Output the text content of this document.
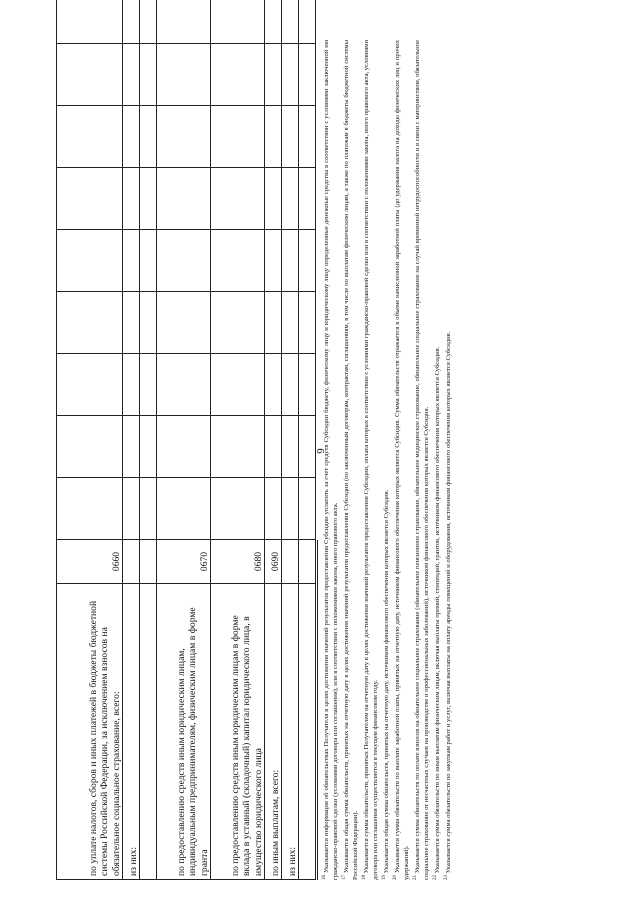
6
по уплате налогов, сборов и иных платежей в бюджеты бюджетной системы Российской Федерации, за исключением взносов на обязательное социальное страхование, всего:	0660									
из них:										

по предоставлению средств иным юридическим лицам, индивидуальным предпринимателям, физическим лицам в форме гранта	0670									
по предоставлению средств иным юридическим лицам в форме вклада в уставный (складочный) капитал юридического лица, в имущество юридического лица	0680									
по иным выплатам, всего:	0690									
из них:										

$^{16}$ Указывается информация об обязательствах Получателя в целях достижения значений результатов предоставления Субсидии уплатить за счет средств Субсидии бюджету, физическому лицу и юридическому лицу определенные денежные средства в соответствии с условиями заключенной им гражданско-правовой сделки (условиями договора или соглашения), или в соответствии с положениями закона, иного правового акта. $^{17}$ Указывается общая сумма обязательств, принятых на отчетную дату в целях достижения значений результатов предоставления Субсидии (по заключенным договорам, контрактам, соглашениям, в том числе по выплатам физическим лицам, а также по платежам в бюджеты бюджетной системы Российской Федерации). $^{18}$ Указывается сумма обязательств, принятых Получателем на отчетную дату в целях достижения значений результатов предоставления Субсидии, оплата которых в соответствии с условиями гражданско-правовой сделки или в соответствии с положениями закона, иного правового акта, условиями договора или соглашения осуществляется в текущем финансовом году. $^{19}$ Указывается общая сумма обязательств, принятых на отчетную дату, источником финансового обеспечения которых является Субсидия.

$^{20}$ Указывается сумма обязательств по выплате заработной платы, принятых на отчетную дату, источником финансового обеспечения которых является Субсидия. Сумма обязательств отражается в объеме начисленной заработной платы (до удержания налога на доходы физических лиц и прочих удержаний). $^{21}$ Указывается сумма обязательств по оплате взносов на обязательное социальное страхование (обязательное пенсионное страхование, обязательное медицинское страхование, обязательное социальное страхование на случай временной нетрудоспособности и в связи с материнством, обязательное социальное страхование от несчастных случаев на производстве и профессиональных заболеваний), источником финансового обеспечения которых является Субсидия. $^{22}$ Указывается сумма обязательств по иным выплатам физическим лицам, включая выплаты премий, стипендий, грантов, источником финансового обеспечения которых является Субсидия.

$^{23}$ Указывается сумма обязательств по закупкам работ и услуг, включая выплаты на оплату аренды помещений и оборудования, источником финансового обеспечения которых является Субсидия.
